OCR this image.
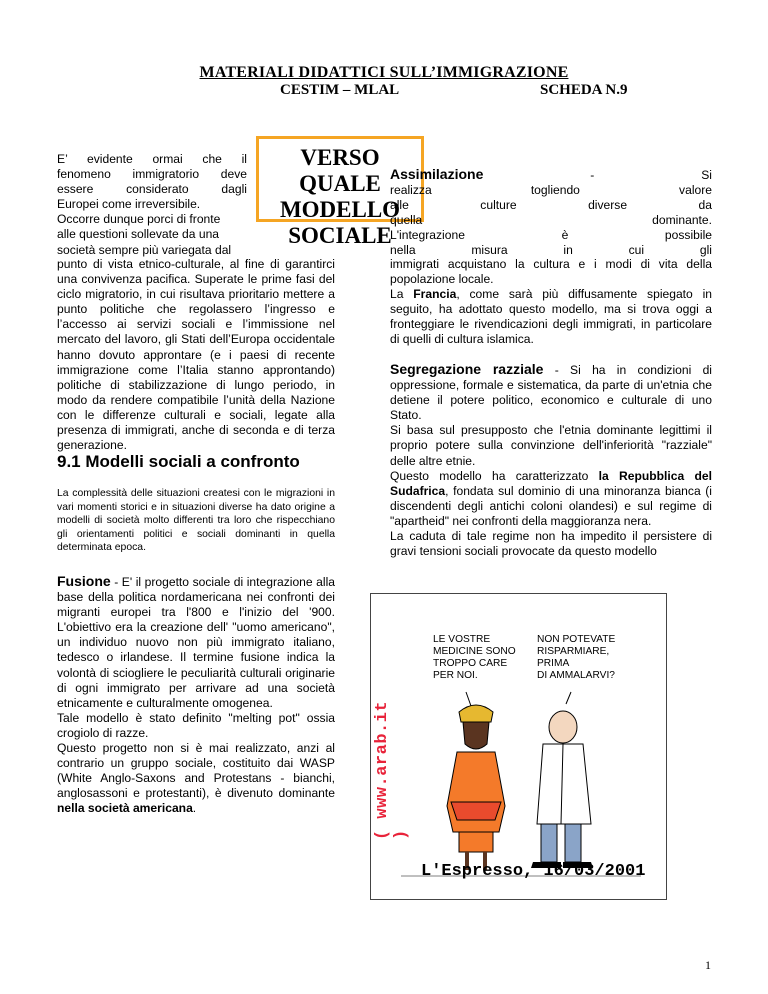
MATERIALI DIDATTICI SULL’IMMIGRAZIONE
CESTIM – MLAL	SCHEDA N.9
VERSO QUALE
MODELLO
SOCIALE
E’ evidente ormai che il
fenomeno immigratorio deve
essere considerato dagli
Europei come irreversibile.
Occorre dunque porci di fronte
alle questioni sollevate da una
società sempre più variegata dal
punto di vista etnico-culturale, al fine di garantirci una convivenza pacifica. Superate le prime fasi del ciclo migratorio, in cui risultava prioritario mettere a punto politiche che regolassero l’ingresso e l’accesso ai servizi sociali e l’immissione nel mercato del lavoro, gli Stati dell’Europa occidentale hanno dovuto approntare (e i paesi di recente immigrazione come l’Italia stanno approntando) politiche di stabilizzazione di lungo periodo, in modo da rendere compatibile l’unità della Nazione con le differenze culturali e sociali, legate alla presenza di immigrati, anche di seconda e di terza generazione.
9.1 Modelli sociali a confronto
La complessità delle situazioni createsi con le migrazioni in vari momenti storici e in situazioni diverse ha dato origine a modelli di società molto differenti tra loro che rispecchiano gli orientamenti politici e sociali dominanti in quella determinata epoca.
Fusione - E' il progetto sociale di integrazione alla base della politica nordamericana nei confronti dei migranti europei tra l'800 e l'inizio del '900. L'obiettivo era la creazione dell' "uomo americano", un individuo nuovo non più immigrato italiano, tedesco o irlandese. Il termine fusione indica la volontà di sciogliere le peculiarità culturali originarie di ogni immigrato per arrivare ad una società etnicamente e culturalmente omogenea.
Tale modello è stato definito "melting pot" ossia crogiolo di razze.
Questo progetto non si è mai realizzato, anzi al contrario un gruppo sociale, costituito dai WASP (White Anglo-Saxons and Protestans - bianchi, anglosassoni e protestanti), è divenuto dominante nella società americana.
Assimilazione - Si
realizza togliendo valore
alle culture diverse da
quella dominante.
L'integrazione è possibile
nella misura in cui gli
immigrati acquistano la cultura e i modi di vita della popolazione locale.
La Francia, come sarà più diffusamente spiegato in seguito, ha adottato questo modello, ma si trova oggi a fronteggiare le rivendicazioni degli immigrati, in particolare di quelli di cultura islamica.
Segregazione razziale - Si ha in condizioni di oppressione, formale e sistematica, da parte di un'etnia che detiene il potere politico, economico e culturale di uno Stato.
Si basa sul presupposto che l'etnia dominante legittimi il proprio potere sulla convinzione dell'inferiorità "razziale" delle altre etnie.
Questo modello ha caratterizzato la Repubblica del Sudafrica, fondata sul dominio di una minoranza bianca (i discendenti degli antichi coloni olandesi) e sul regime di "apartheid" nei confronti della maggioranza nera.
La caduta di tale regime non ha impedito il persistere di gravi tensioni sociali provocate da questo modello
( www.arab.it )
LE VOSTRE
MEDICINE SONO
TROPPO CARE
PER NOI.
NON POTEVATE
RISPARMIARE,
PRIMA
DI AMMALARVI?
L'Espresso, 16/03/2001
1
